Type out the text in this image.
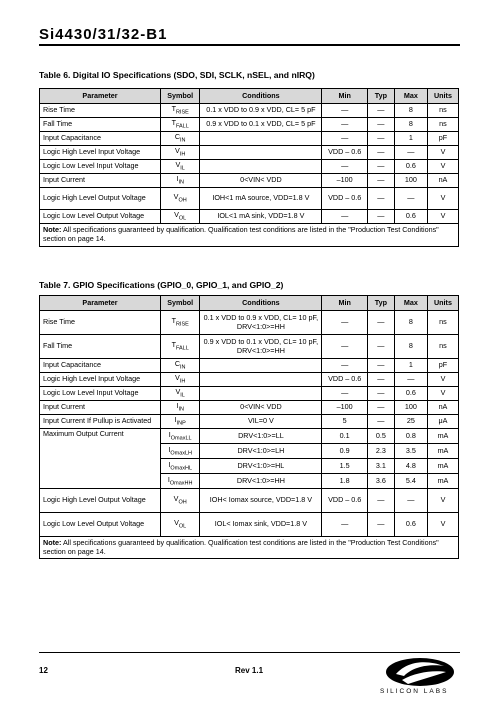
Si4430/31/32-B1
Table 6. Digital IO Specifications (SDO, SDI, SCLK, nSEL, and nIRQ)
Parameter	Symbol	Conditions	Min	Typ	Max	Units
Rise Time	$T_{RISE}$	0.1 x VDD to 0.9 x VDD, CL= 5 pF	—	—	8	ns
Fall Time	$T_{FALL}$	0.9 x VDD to 0.1 x VDD, CL= 5 pF	—	—	8	ns
Input Capacitance	$C_{IN}$		—	—	1	pF
Logic High Level Input Voltage	$V_{IH}$		VDD – 0.6	—	—	V
Logic Low Level Input Voltage	$V_{IL}$		—	—	0.6	V
Input Current	$I_{IN}$	0<VIN< VDD	–100	—	100	nA
Logic High Level Output Voltage	$V_{OH}$	IOH<1 mA source, VDD=1.8 V	VDD – 0.6	—	—	V
Logic Low Level Output Voltage	$V_{OL}$	IOL<1 mA sink, VDD=1.8 V	—	—	0.6	V
Note: All specifications guaranteed by qualification. Qualification test conditions are listed in the "Production Test Conditions" section on page 14.						
Table 7. GPIO Specifications (GPIO_0, GPIO_1, and GPIO_2)
Parameter	Symbol	Conditions	Min	Typ	Max	Units
Rise Time	$T_{RISE}$	0.1 x VDD to 0.9 x VDD, CL= 10 pF, DRV<1:0>=HH	—	—	8	ns
Fall Time	$T_{FALL}$	0.9 x VDD to 0.1 x VDD, CL= 10 pF, DRV<1:0>=HH	—	—	8	ns
Input Capacitance	$C_{IN}$		—	—	1	pF
Logic High Level Input Voltage	$V_{IH}$		VDD – 0.6	—	—	V
Logic Low Level Input Voltage	$V_{IL}$		—	—	0.6	V
Input Current	$I_{IN}$	0<VIN< VDD	–100	—	100	nA
Input Current If Pullup is Activated	$I_{INP}$	VIL=0 V	5	—	25	μA
Maximum Output Current	$I_{OmaxLL}$	DRV<1:0>=LL	0.1	0.5	0.8	mA
	$I_{OmaxLH}$	DRV<1:0>=LH	0.9	2.3	3.5	mA
	$I_{OmaxHL}$	DRV<1:0>=HL	1.5	3.1	4.8	mA
	$I_{OmaxHH}$	DRV<1:0>=HH	1.8	3.6	5.4	mA
Logic High Level Output Voltage	$V_{OH}$	IOH< Iomax source, VDD=1.8 V	VDD – 0.6	—	—	V
Logic Low Level Output Voltage	$V_{OL}$	IOL< Iomax sink, VDD=1.8 V	—	—	0.6	V
Note: All specifications guaranteed by qualification. Qualification test conditions are listed in the "Production Test Conditions" section on page 14.						
12	Rev 1.1
SILICON LABS
